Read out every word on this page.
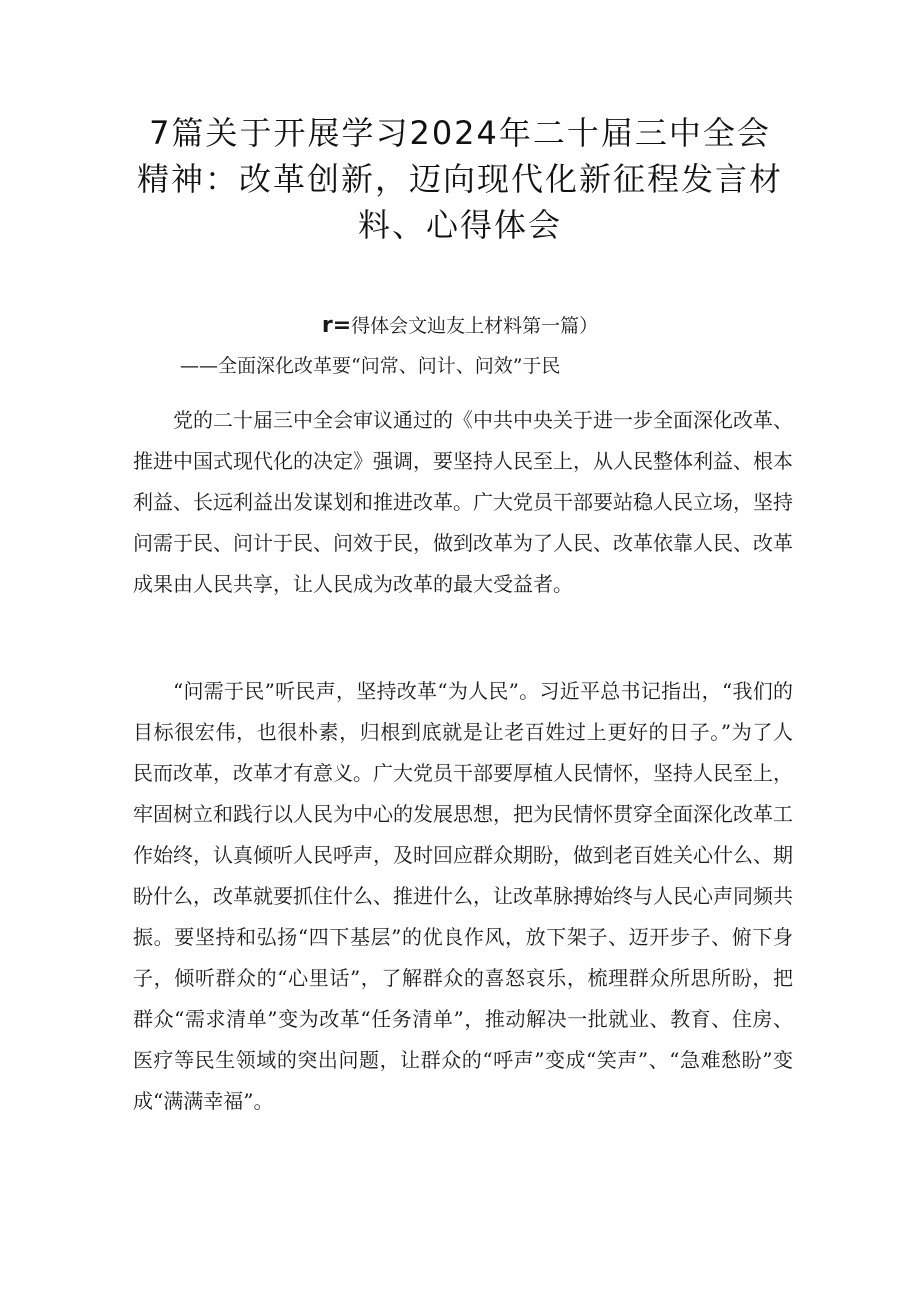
7篇关于开展学习2024年二十届三中全会
精神：改革创新，迈向现代化新征程发言材
料、心得体会
r=得体会文辿友上材料第一篇）
——全面深化改革要“问常、问计、问效”于民

党的二十届三中全会审议通过的《中共中央关于进一步全面深化改革、推进中国式现代化的决定》强调，要坚持人民至上，从人民整体利益、根本利益、长远利益出发谋划和推进改革。广大党员干部要站稳人民立场，坚持问需于民、问计于民、问效于民，做到改革为了人民、改革依靠人民、改革成果由人民共享，让人民成为改革的最大受益者。

“问需于民”听民声，坚持改革“为人民”。习近平总书记指出，“我们的目标很宏伟，也很朴素，归根到底就是让老百姓过上更好的日子。”为了人民而改革，改革才有意义。广大党员干部要厚植人民情怀，坚持人民至上，牢固树立和践行以人民为中心的发展思想，把为民情怀贯穿全面深化改革工作始终，认真倾听人民呼声，及时回应群众期盼，做到老百姓关心什么、期盼什么，改革就要抓住什么、推进什么，让改革脉搏始终与人民心声同频共振。要坚持和弘扬“四下基层”的优良作风，放下架子、迈开步子、俯下身子，倾听群众的“心里话”，了解群众的喜怒哀乐，梳理群众所思所盼，把群众“需求清单”变为改革“任务清单”，推动解决一批就业、教育、住房、医疗等民生领域的突出问题，让群众的“呼声”变成“笑声”、“急难愁盼”变成“满满幸福”。
